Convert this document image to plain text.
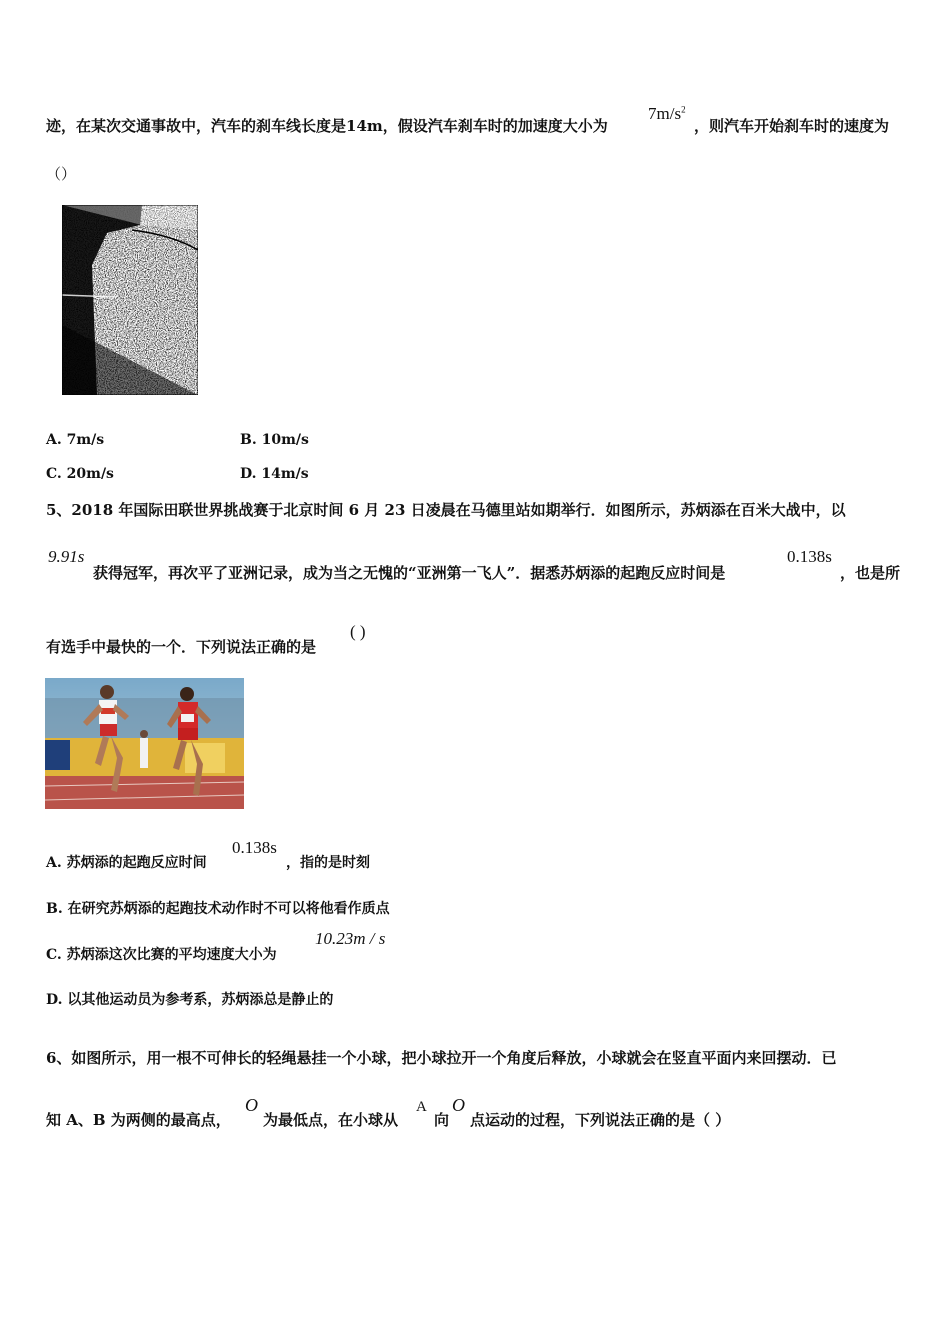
迹，在某次交通事故中，汽车的刹车线长度是14m，假设汽车刹车时的加速度大小为
$7m/s^2$
，则汽车开始刹车时的速度为
（）
A. 7m/s	B. 10m/s
C. 20m/s	D. 14m/s
5、2018 年国际田联世界挑战赛于北京时间 6 月 23 日凌晨在马德里站如期举行．如图所示，苏炳添在百米大战中，以
9.91s
获得冠军，再次平了亚洲记录，成为当之无愧的“亚洲第一飞人”．据悉苏炳添的起跑反应时间是
0.138s
，也是所
有选手中最快的一个．下列说法正确的是
( )
A. 苏炳添的起跑反应时间
0.138s
，指的是时刻
B. 在研究苏炳添的起跑技术动作时不可以将他看作质点
C. 苏炳添这次比赛的平均速度大小为
10.23m / s
D. 以其他运动员为参考系，苏炳添总是静止的
6、如图所示，用一根不可伸长的轻绳悬挂一个小球，把小球拉开一个角度后释放，小球就会在竖直平面内来回摆动．已
知 A、B 为两侧的最高点，
O
为最低点，在小球从
A
向
O
点运动的过程，下列说法正确的是（ ）
